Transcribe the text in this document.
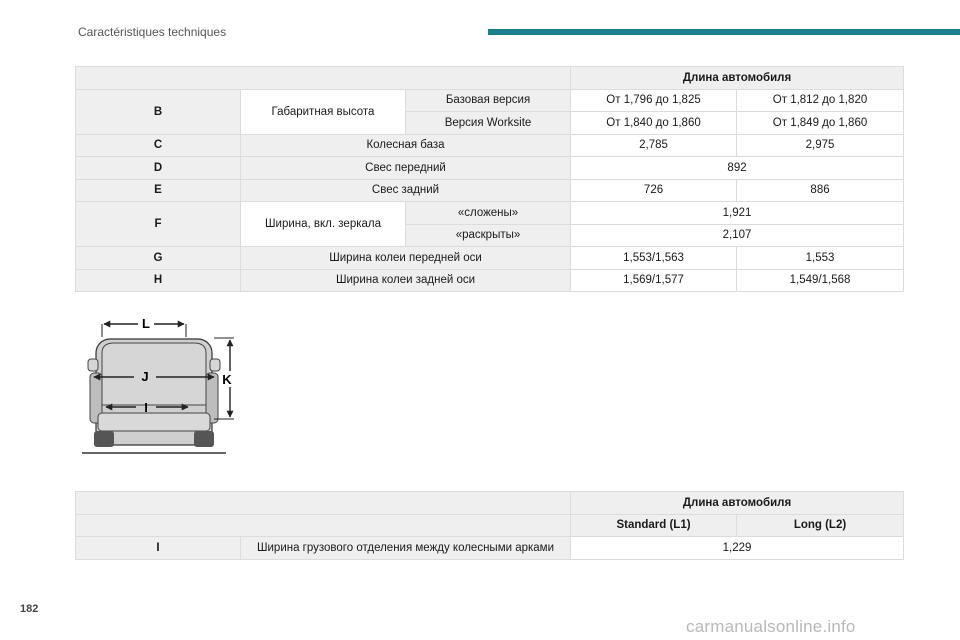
Caractéristiques techniques
			Длина автомобиля	
B	Габаритная высота	Базовая версия	От 1,796 до 1,825	От 1,812 до 1,820
		Версия Worksite	От 1,840 до 1,860	От 1,849 до 1,860
C	Колесная база		2,785	2,975
D	Свес передний		892	
E	Свес задний		726	886
F	Ширина, вкл. зеркала	«сложены»	1,921	
		«раскрыты»	2,107	
G	Ширина колеи передней оси		1,553/1,563	1,553
H	Ширина колеи задней оси		1,569/1,577	1,549/1,568
L
J
I
K
		Длина автомобиля	
		Standard (L1)	Long (L2)
I	Ширина грузового отделения между колесными арками	1,229	
182
carmanualsonline.info
